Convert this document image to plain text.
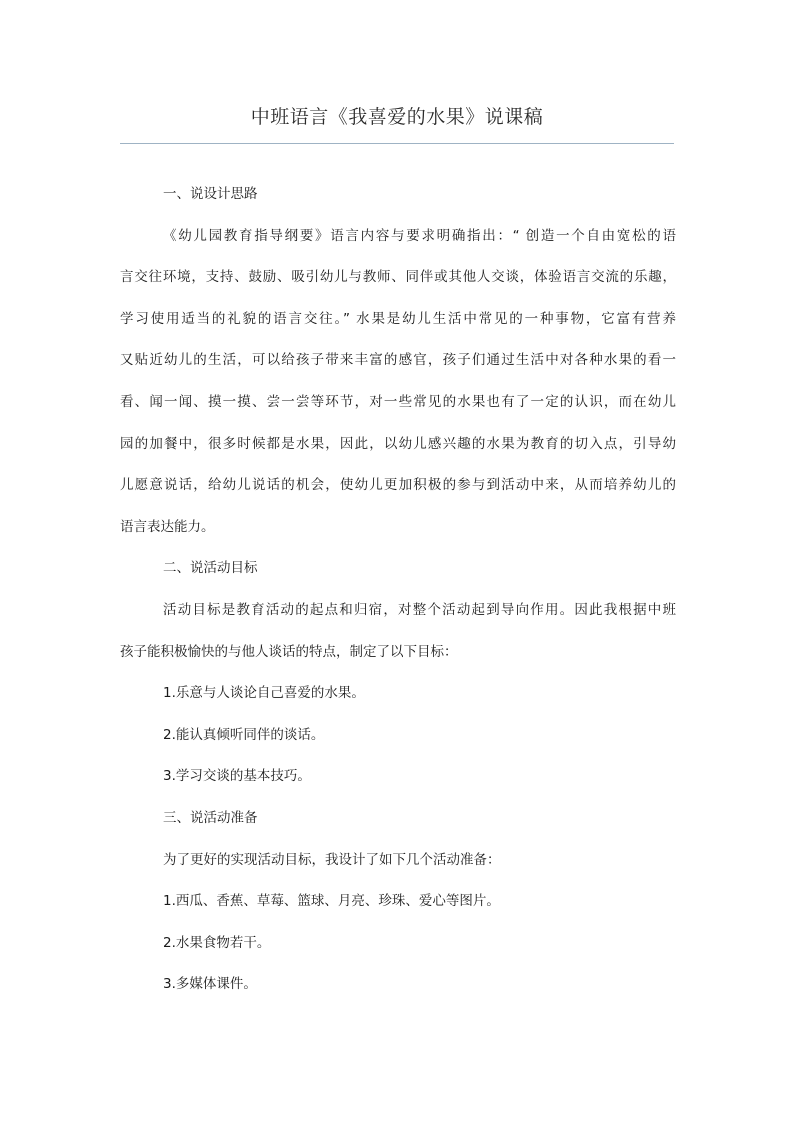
中班语言《我喜爱的水果》说课稿
一、说设计思路
《幼儿园教育指导纲要》语言内容与要求明确指出：“ 创造一个自由宽松的语
言交往环境，支持、鼓励、吸引幼儿与教师、同伴或其他人交谈，体验语言交流的乐趣，
学习使用适当的礼貌的语言交往。” 水果是幼儿生活中常见的一种事物，它富有营养
又贴近幼儿的生活，可以给孩子带来丰富的感官，孩子们通过生活中对各种水果的看一
看、闻一闻、摸一摸、尝一尝等环节，对一些常见的水果也有了一定的认识，而在幼儿
园的加餐中，很多时候都是水果，因此，以幼儿感兴趣的水果为教育的切入点，引导幼
儿愿意说话，给幼儿说话的机会，使幼儿更加积极的参与到活动中来，从而培养幼儿的
语言表达能力。
二、说活动目标
活动目标是教育活动的起点和归宿，对整个活动起到导向作用。因此我根据中班
孩子能积极愉快的与他人谈话的特点，制定了以下目标：
1.乐意与人谈论自己喜爱的水果。
2.能认真倾听同伴的谈话。
3.学习交谈的基本技巧。
三、说活动准备
为了更好的实现活动目标，我设计了如下几个活动准备：
1.西瓜、香蕉、草莓、篮球、月亮、珍珠、爱心等图片。
2.水果食物若干。
3.多媒体课件。
